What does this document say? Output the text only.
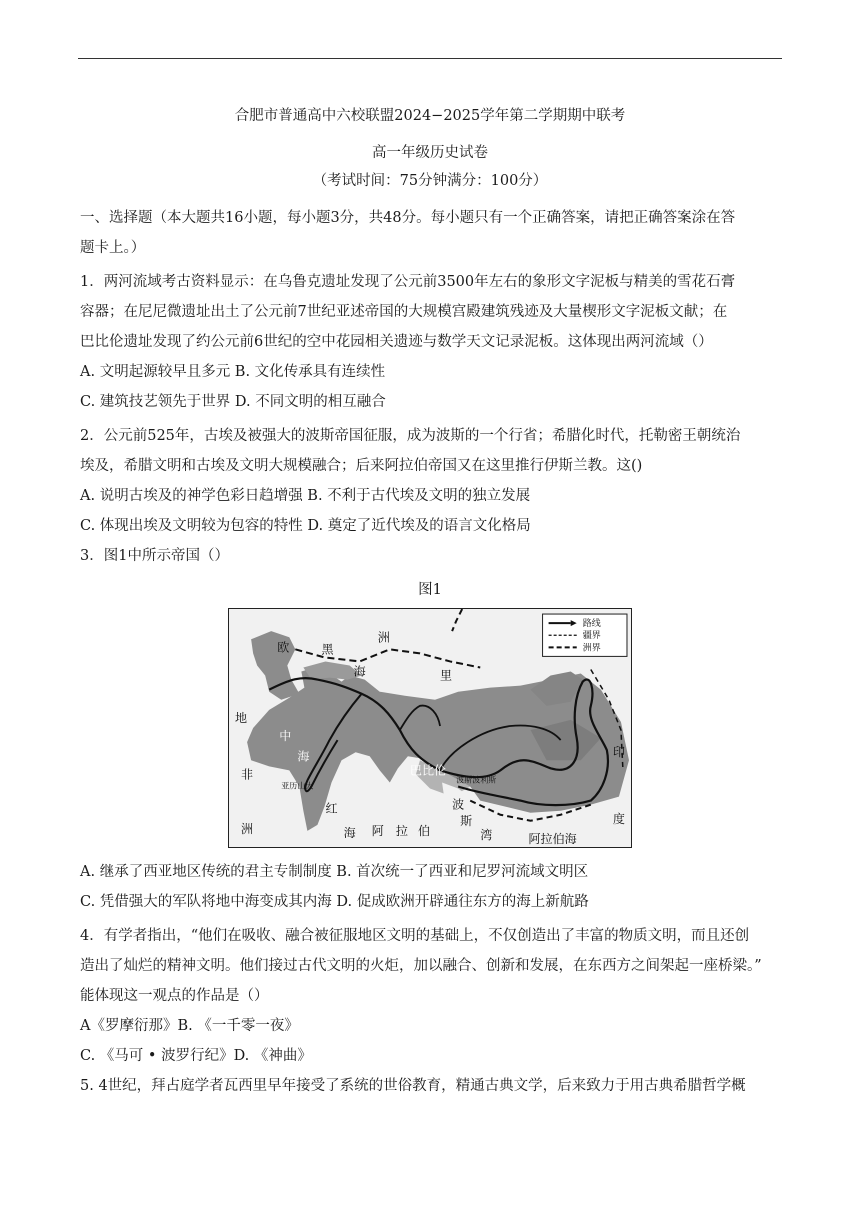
合肥市普通高中六校联盟2024−2025学年第二学期期中联考
高一年级历史试卷
（考试时间：75分钟满分：100分）
一、选择题（本大题共16小题，每小题3分，共48分。每小题只有一个正确答案，请把正确答案涂在答
题卡上。）
1．两河流域考古资料显示：在乌鲁克遗址发现了公元前3500年左右的象形文字泥板与精美的雪花石膏
容器；在尼尼微遗址出土了公元前7世纪亚述帝国的大规模宫殿建筑残迹及大量楔形文字泥板文献；在
巴比伦遗址发现了约公元前6世纪的空中花园相关遗迹与数学天文记录泥板。这体现出两河流域（）
A. 文明起源较早且多元 B. 文化传承具有连续性
C. 建筑技艺领先于世界 D. 不同文明的相互融合
2．公元前525年，古埃及被强大的波斯帝国征服，成为波斯的一个行省；希腊化时代，托勒密王朝统治
埃及，希腊文明和古埃及文明大规模融合；后来阿拉伯帝国又在这里推行伊斯兰教。这()
A. 说明古埃及的神学色彩日趋增强 B. 不利于古代埃及文明的独立发展
C. 体现出埃及文明较为包容的特性 D. 奠定了近代埃及的语言文化格局
3．图1中所示帝国（）
图1
路线
疆界
洲界
欧
洲
黑
海	里
地
中
海
非
洲
红
海 阿 拉 伯
巴比伦
波
斯
湾
印
度
阿拉伯海
亚历山大
波斯波利斯
A. 继承了西亚地区传统的君主专制制度 B. 首次统一了西亚和尼罗河流域文明区
C. 凭借强大的军队将地中海变成其内海 D. 促成欧洲开辟通往东方的海上新航路
4．有学者指出，“他们在吸收、融合被征服地区文明的基础上，不仅创造出了丰富的物质文明，而且还创
造出了灿烂的精神文明。他们接过古代文明的火炬，加以融合、创新和发展，在东西方之间架起一座桥梁。”
能体现这一观点的作品是（）
A《罗摩衍那》B. 《一千零一夜》
C. 《马可 • 波罗行纪》D. 《神曲》
5. 4世纪，拜占庭学者瓦西里早年接受了系统的世俗教育，精通古典文学，后来致力于用古典希腊哲学概
